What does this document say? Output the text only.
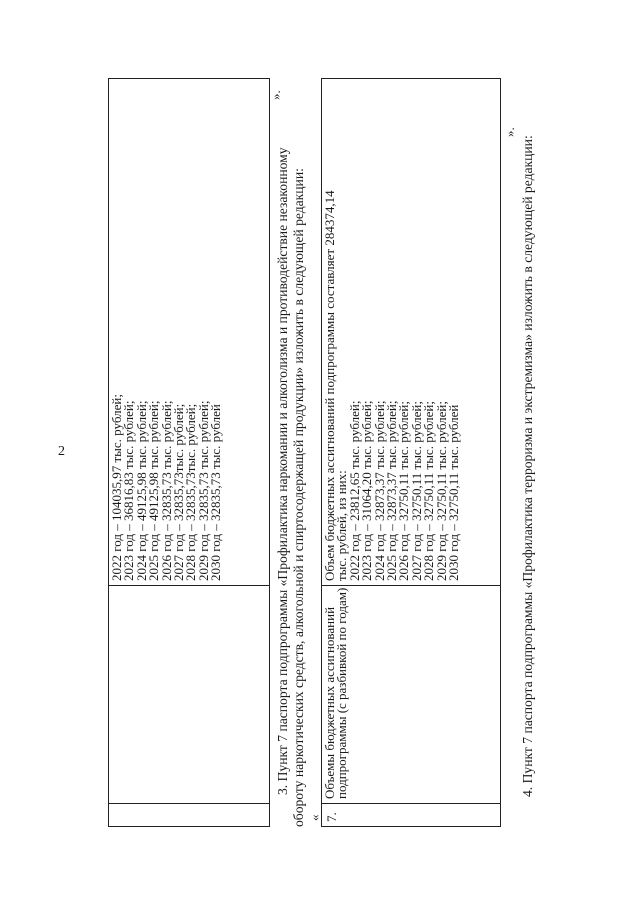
2	2022 год – 104035,97 тыс. рублей;
2023 год – 36816,83 тыс. рублей;
2024 год – 49125,98 тыс. рублей;
2025 год – 49125,98 тыс. рублей;
2026 год – 32835,73 тыс. рублей;
2027 год – 32835,73тыс. рублей;
2028 год – 32835,73тыс. рублей;
2029 год – 32835,73 тыс. рублей;
2030 год – 32835,73 тыс. рублей
».
3. Пункт 7 паспорта подпрограммы «Профилактика наркомании и алкоголизма и противодействие незаконному обороту наркотических средств, алкогольной и спиртосодержащей продукции» изложить в следующей редакции: « 7.
Объемы бюджетных ассигнований
подпрограммы (с разбивкой по годам)
Объем бюджетных ассигнований подпрограммы составляет 284374,14
тыс. рублей, из них:
2022 год – 23812,65 тыс. рублей;
2023 год – 31064,20 тыс. рублей;
2024 год – 32873,37 тыс. рублей;
2025 год – 32873,37 тыс. рублей;
2026 год – 32750,11 тыс. рублей;
2027 год – 32750,11 тыс. рублей;
2028 год – 32750,11 тыс. рублей;
2029 год – 32750,11 тыс. рублей;
2030 год – 32750,11 тыс. рублей
».
4. Пункт 7 паспорта подпрограммы «Профилактика терроризма и экстремизма» изложить в следующей редакции:
